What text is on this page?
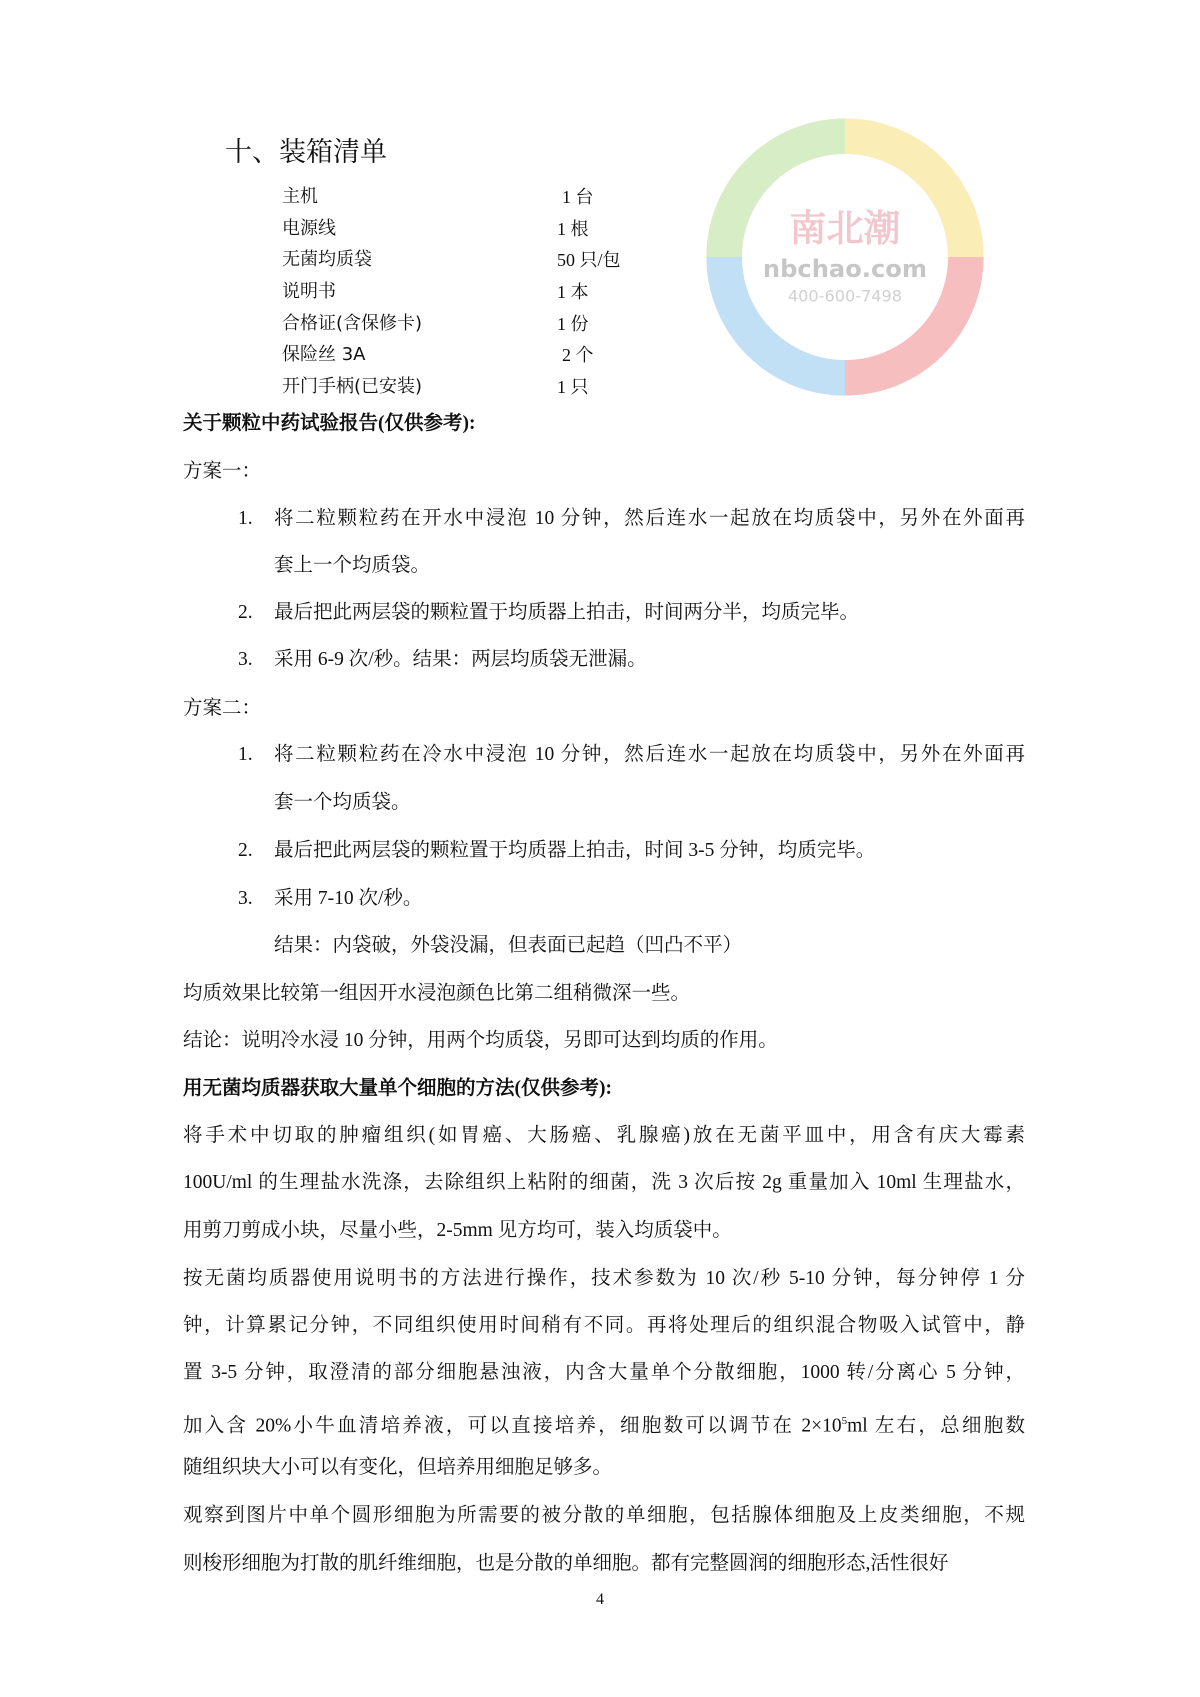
南北潮
nbchao.com
400-600-7498
十、装箱清单
主机	1 台
电源线	1 根
无菌均质袋	50 只/包
说明书	1 本
合格证(含保修卡)	1 份
保险丝 3A	2 个
开门手柄(已安装)	1 只
关于颗粒中药试验报告(仅供参考):
方案一：
1. 将二粒颗粒药在开水中浸泡 10 分钟，然后连水一起放在均质袋中，另外在外面再
套上一个均质袋。
2. 最后把此两层袋的颗粒置于均质器上拍击，时间两分半，均质完毕。
3. 采用 6-9 次/秒。结果：两层均质袋无泄漏。
方案二：
1. 将二粒颗粒药在冷水中浸泡 10 分钟，然后连水一起放在均质袋中，另外在外面再
套一个均质袋。
2. 最后把此两层袋的颗粒置于均质器上拍击，时间 3-5 分钟，均质完毕。
3. 采用 7-10 次/秒。
结果：内袋破，外袋没漏，但表面已起趋（凹凸不平）
均质效果比较第一组因开水浸泡颜色比第二组稍微深一些。
结论：说明冷水浸 10 分钟，用两个均质袋，另即可达到均质的作用。
用无菌均质器获取大量单个细胞的方法(仅供参考):
将手术中切取的肿瘤组织(如胃癌、大肠癌、乳腺癌)放在无菌平皿中，用含有庆大霉素
100U/ml 的生理盐水洗涤，去除组织上粘附的细菌，洗 3 次后按 2g 重量加入 10ml 生理盐水，
用剪刀剪成小块，尽量小些，2-5mm 见方均可，装入均质袋中。
按无菌均质器使用说明书的方法进行操作，技术参数为 10 次/秒 5-10 分钟，每分钟停 1 分
钟，计算累记分钟，不同组织使用时间稍有不同。再将处理后的组织混合物吸入试管中，静
置 3-5 分钟，取澄清的部分细胞悬浊液，内含大量单个分散细胞，1000 转/分离心 5 分钟，
观察到图片中单个圆形细胞为所需要的被分散的单细胞，包括腺体细胞及上皮类细胞，不规
则梭形细胞为打散的肌纤维细胞，也是分散的单细胞。都有完整圆润的细胞形态,活性很好
加入含 20%小牛血清培养液，可以直接培养，细胞数可以调节在 $2\times 10^5ml$ 左右，总细胞数
随组织块大小可以有变化，但培养用细胞足够多。
4
